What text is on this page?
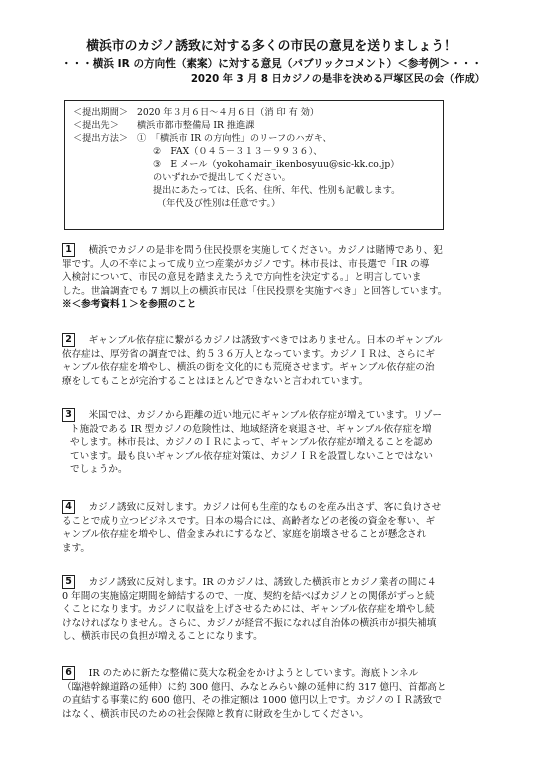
横浜市のカジノ誘致に対する多くの市民の意見を送りましょう！
・・・横浜 IR の方向性（素案）に対する意見（パブリックコメント）＜参考例＞・・・
2020 年 3 月 8 日カジノの是非を決める戸塚区民の会（作成）
＜提出期間＞ 2020 年３月６日～４月６日（消 印 有 効）
＜提出先＞	横浜市都市整備局 IR 推進課
＜提出方法＞ ①　「横浜市 IR の方向性」のリーフのハガキ、
②　FAX（０４５－３１３－９９３６）、
③　E メール（yokohamair_ikenbosyuu@sic-kk.co.jp）
のいずれかで提出してください。
提出にあたっては、氏名、住所、年代、性別も記載します。
（年代及び性別は任意です。）
1　横浜でカジノの是非を問う住民投票を実施してください。カジノは賭博であり、犯
罪です。人の不幸によって成り立つ産業がカジノです。林市長は、市長選で「IR の導
入検討について、市民の意見を踏まえたうえで方向性を決定する。」と明言していま
した。世論調査でも 7 割以上の横浜市民は「住民投票を実施すべき」と回答しています。
※＜参考資料１＞を参照のこと
2　ギャンブル依存症に繋がるカジノは誘致すべきではありません。日本のギャンブル
依存症は、厚労省の調査では、約５３６万人となっています。カジノＩＲは、さらにギ
ャンブル依存症を増やし、横浜の街を文化的にも荒廃させます。ギャンブル依存症の治
療をしてもことが完治することはほとんどできないと言われています。
3　米国では、カジノから距離の近い地元にギャンブル依存症が増えています。リゾー
ト施設である IR 型カジノの危険性は、地域経済を衰退させ、ギャンブル依存症を増
やします。林市長は、カジノのＩＲによって、ギャンブル依存症が増えることを認め
ています。最も良いギャンブル依存症対策は、カジノＩＲを設置しないことではない
でしょうか。
4　カジノ誘致に反対します。カジノは何も生産的なものを産み出さず、客に負けさせ
ることで成り立つビジネスです。日本の場合には、高齢者などの老後の資金を奪い、ギ
ャンブル依存症を増やし、借金まみれにするなど、家庭を崩壊させることが懸念され
ます。
5　カジノ誘致に反対します。IR のカジノは、誘致した横浜市とカジノ業者の間に４
0 年間の実施協定期間を締結するので、一度、契約を結べばカジノとの関係がずっと続
くことになります。カジノに収益を上げさせるためには、ギャンブル依存症を増やし続
けなければなりません。さらに、カジノが経営不振になれば自治体の横浜市が損失補填
し、横浜市民の負担が増えることになります。
6　IR のために新たな整備に莫大な税金をかけようとしています。海底トンネル
（臨港幹線道路の延伸）に約 300 億円、みなとみらい線の延伸に約 317 億円、首都高と
の直結する事業に約 600 億円、その推定額は 1000 億円以上です。カジノのＩＲ誘致で
はなく、横浜市民のための社会保障と教育に財政を生かしてください。
